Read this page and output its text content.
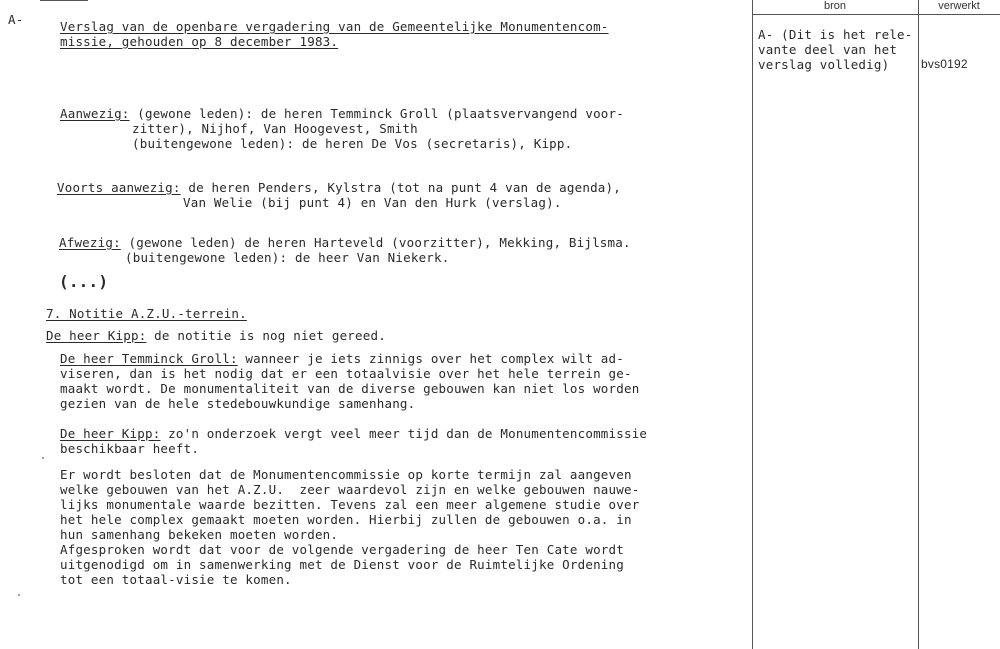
bron	verwerkt
A- (Dit is het rele-
vante deel van het
verslag volledig)	bvs0192
A-	Verslag van de openbare vergadering van de Gemeentelijke Monumentencom-
missie, gehouden op 8 december 1983.
Aanwezig: (gewone leden): de heren Temminck Groll (plaatsvervangend voor-
zitter), Nijhof, Van Hoogevest, Smith
(buitengewone leden): de heren De Vos (secretaris), Kipp.
Voorts aanwezig: de heren Penders, Kylstra (tot na punt 4 van de agenda),
Van Welie (bij punt 4) en Van den Hurk (verslag).
Afwezig: (gewone leden) de heren Harteveld (voorzitter), Mekking, Bijlsma.
(buitengewone leden): de heer Van Niekerk.
(...)
7. Notitie A.Z.U.-terrein.
De heer Kipp: de notitie is nog niet gereed.
De heer Temminck Groll: wanneer je iets zinnigs over het complex wilt ad-
viseren, dan is het nodig dat er een totaalvisie over het hele terrein ge-
maakt wordt. De monumentaliteit van de diverse gebouwen kan niet los worden
gezien van de hele stedebouwkundige samenhang.
De heer Kipp: zo'n onderzoek vergt veel meer tijd dan de Monumentencommissie
beschikbaar heeft.
Er wordt besloten dat de Monumentencommissie op korte termijn zal aangeven
welke gebouwen van het A.Z.U.  zeer waardevol zijn en welke gebouwen nauwe-
lijks monumentale waarde bezitten. Tevens zal een meer algemene studie over
het hele complex gemaakt moeten worden. Hierbij zullen de gebouwen o.a. in
hun samenhang bekeken moeten worden.
Afgesproken wordt dat voor de volgende vergadering de heer Ten Cate wordt
uitgenodigd om in samenwerking met de Dienst voor de Ruimtelijke Ordening
tot een totaal-visie te komen.
